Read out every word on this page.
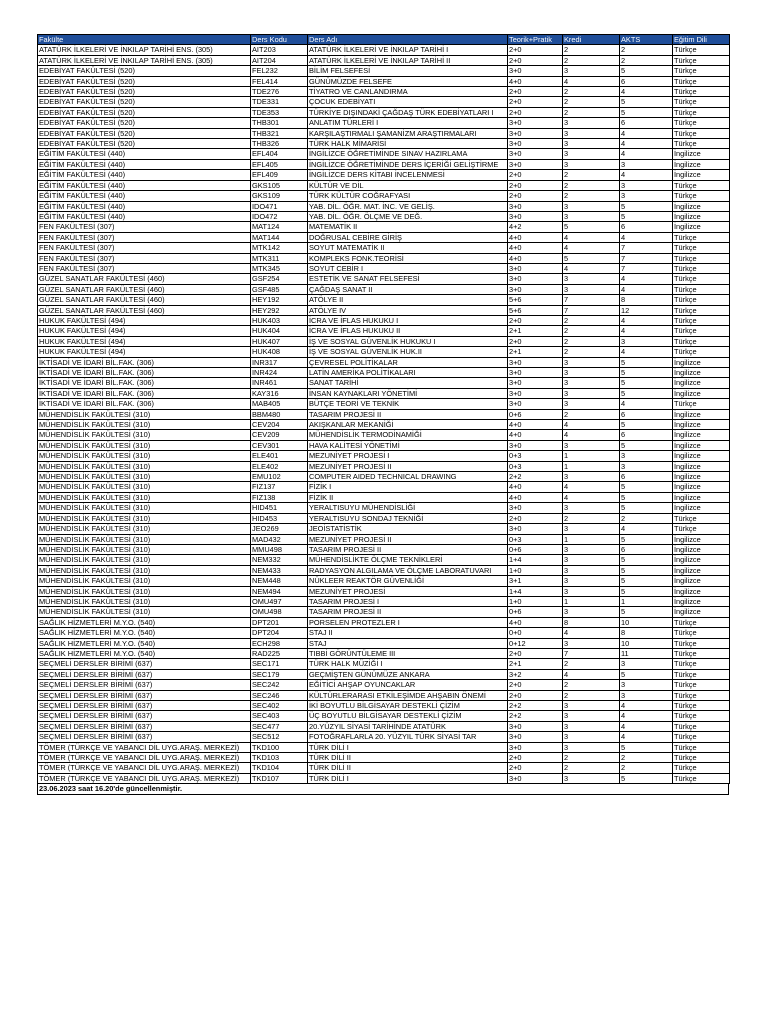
Fakülte	Ders Kodu	Ders Adı	Teorik+Pratik	Kredi	AKTS	Eğitim Dili
ATATÜRK İLKELERİ VE İNKILAP TARİHİ ENS. (305)	AIT203	ATATÜRK İLKELERİ VE İNKILAP TARİHİ I	2+0	2	2	Türkçe
ATATÜRK İLKELERİ VE İNKILAP TARİHİ ENS. (305)	AIT204	ATATÜRK İLKELERİ VE İNKILAP TARİHİ II	2+0	2	2	Türkçe
EDEBİYAT FAKÜLTESİ (520)	FEL232	BİLİM FELSEFESİ	3+0	3	5	Türkçe
EDEBİYAT FAKÜLTESİ (520)	FEL414	GÜNÜMÜZDE FELSEFE	4+0	4	6	Türkçe
EDEBİYAT FAKÜLTESİ (520)	TDE276	TİYATRO VE CANLANDIRMA	2+0	2	4	Türkçe
EDEBİYAT FAKÜLTESİ (520)	TDE331	ÇOCUK EDEBİYATI	2+0	2	5	Türkçe
EDEBİYAT FAKÜLTESİ (520)	TDE353	TÜRKİYE DIŞINDAKİ ÇAĞDAŞ TÜRK EDEBİYATLARI I	2+0	2	5	Türkçe
EDEBİYAT FAKÜLTESİ (520)	THB301	ANLATIM TÜRLERİ I	3+0	3	6	Türkçe
EDEBİYAT FAKÜLTESİ (520)	THB321	KARŞILAŞTIRMALI ŞAMANİZM ARAŞTIRMALARI	3+0	3	4	Türkçe
EDEBİYAT FAKÜLTESİ (520)	THB326	TÜRK HALK MİMARİSİ	3+0	3	4	Türkçe
EĞİTİM FAKÜLTESİ (440)	EFL404	İNGİLİZCE ÖĞRETİMİNDE SINAV HAZIRLAMA	3+0	3	4	İngilizce
EĞİTİM FAKÜLTESİ (440)	EFL405	İNGİLİZCE ÖĞRETİMİNDE DERS İÇERİĞİ GELİŞTİRME	3+0	3	3	İngilizce
EĞİTİM FAKÜLTESİ (440)	EFL409	İNGİLİZCE DERS KİTABI İNCELENMESİ	2+0	2	4	İngilizce
EĞİTİM FAKÜLTESİ (440)	GKS105	KÜLTÜR VE DİL	2+0	2	3	Türkçe
EĞİTİM FAKÜLTESİ (440)	GKS109	TÜRK KÜLTÜR COĞRAFYASI	2+0	2	3	Türkçe
EĞİTİM FAKÜLTESİ (440)	IDO471	YAB. DİL. ÖĞR. MAT. İNC. VE GELİŞ.	3+0	3	5	İngilizce
EĞİTİM FAKÜLTESİ (440)	IDO472	YAB. DİL. ÖĞR. ÖLÇME VE DEĞ.	3+0	3	5	İngilizce
FEN FAKÜLTESİ (307)	MAT124	MATEMATİK II	4+2	5	6	İngilizce
FEN FAKÜLTESİ (307)	MAT144	DOĞRUSAL CEBİRE GİRİŞ	4+0	4	4	Türkçe
FEN FAKÜLTESİ (307)	MTK142	SOYUT MATEMATİK II	4+0	4	7	Türkçe
FEN FAKÜLTESİ (307)	MTK311	KOMPLEKS FONK.TEORİSİ	4+0	5	7	Türkçe
FEN FAKÜLTESİ (307)	MTK345	SOYUT CEBİR I	3+0	4	7	Türkçe
GÜZEL SANATLAR FAKÜLTESİ (460)	GSF254	ESTETİK VE SANAT FELSEFESİ	3+0	3	4	Türkçe
GÜZEL SANATLAR FAKÜLTESİ (460)	GSF485	ÇAĞDAŞ SANAT II	3+0	3	4	Türkçe
GÜZEL SANATLAR FAKÜLTESİ (460)	HEY192	ATÖLYE II	5+6	7	8	Türkçe
GÜZEL SANATLAR FAKÜLTESİ (460)	HEY292	ATÖLYE IV	5+6	7	12	Türkçe
HUKUK FAKÜLTESİ (494)	HUK403	İCRA VE İFLAS HUKUKU I	2+0	2	4	Türkçe
HUKUK FAKÜLTESİ (494)	HUK404	İCRA VE İFLAS HUKUKU II	2+1	2	4	Türkçe
HUKUK FAKÜLTESİ (494)	HUK407	İŞ VE SOSYAL GÜVENLİK HUKUKU I	2+0	2	3	Türkçe
HUKUK FAKÜLTESİ (494)	HUK408	İŞ VE SOSYAL GÜVENLİK HUK.II	2+1	2	4	Türkçe
İKTİSADİ VE İDARİ BİL.FAK. (306)	INR317	ÇEVRESEL POLİTİKALAR	3+0	3	5	İngilizce
İKTİSADİ VE İDARİ BİL.FAK. (306)	INR424	LATİN AMERİKA POLİTİKALARI	3+0	3	5	İngilizce
İKTİSADİ VE İDARİ BİL.FAK. (306)	INR461	SANAT TARİHİ	3+0	3	5	İngilizce
İKTİSADİ VE İDARİ BİL.FAK. (306)	KAY316	İNSAN KAYNAKLARI YÖNETİMİ	3+0	3	5	İngilizce
İKTİSADİ VE İDARİ BİL.FAK. (306)	MAB405	BÜTÇE TEORİ VE TEKNİK	3+0	3	4	Türkçe
MÜHENDİSLİK FAKÜLTESİ (310)	BBM480	TASARIM PROJESİ II	0+6	2	6	İngilizce
MÜHENDİSLİK FAKÜLTESİ (310)	CEV204	AKIŞKANLAR MEKANİĞİ	4+0	4	5	İngilizce
MÜHENDİSLİK FAKÜLTESİ (310)	CEV209	MÜHENDİSLİK TERMODİNAMİĞİ	4+0	4	6	İngilizce
MÜHENDİSLİK FAKÜLTESİ (310)	CEV301	HAVA KALİTESİ YÖNETİMİ	3+0	3	5	İngilizce
MÜHENDİSLİK FAKÜLTESİ (310)	ELE401	MEZUNİYET PROJESİ I	0+3	1	3	İngilizce
MÜHENDİSLİK FAKÜLTESİ (310)	ELE402	MEZUNİYET PROJESİ II	0+3	1	3	İngilizce
MÜHENDİSLİK FAKÜLTESİ (310)	EMU102	COMPUTER AIDED TECHNICAL DRAWING	2+2	3	6	İngilizce
MÜHENDİSLİK FAKÜLTESİ (310)	FIZ137	FİZİK I	4+0	4	5	İngilizce
MÜHENDİSLİK FAKÜLTESİ (310)	FIZ138	FİZİK II	4+0	4	5	İngilizce
MÜHENDİSLİK FAKÜLTESİ (310)	HID451	YERALTISUYU MÜHENDİSLİĞİ	3+0	3	5	İngilizce
MÜHENDİSLİK FAKÜLTESİ (310)	HID453	YERALTISUYU SONDAJ TEKNİĞİ	2+0	2	2	Türkçe
MÜHENDİSLİK FAKÜLTESİ (310)	JEO269	JEOİSTATİSTİK	3+0	3	4	Türkçe
MÜHENDİSLİK FAKÜLTESİ (310)	MAD432	MEZUNİYET PROJESİ II	0+3	1	5	İngilizce
MÜHENDİSLİK FAKÜLTESİ (310)	MMU498	TASARIM PROJESİ II	0+6	3	6	İngilizce
MÜHENDİSLİK FAKÜLTESİ (310)	NEM332	MÜHENDİSLİKTE ÖLÇME TEKNİKLERİ	1+4	3	5	İngilizce
MÜHENDİSLİK FAKÜLTESİ (310)	NEM433	RADYASYON ALGILAMA VE ÖLÇME LABORATUVARI	1+0	3	5	İngilizce
MÜHENDİSLİK FAKÜLTESİ (310)	NEM448	NÜKLEER REAKTÖR GÜVENLİĞİ	3+1	3	5	İngilizce
MÜHENDİSLİK FAKÜLTESİ (310)	NEM494	MEZUNİYET PROJESİ	1+4	3	5	İngilizce
MÜHENDİSLİK FAKÜLTESİ (310)	OMU497	TASARIM PROJESİ I	1+0	1	1	İngilizce
MÜHENDİSLİK FAKÜLTESİ (310)	OMU498	TASARIM PROJESİ II	0+6	3	5	İngilizce
SAĞLIK HİZMETLERİ M.Y.O. (540)	DPT201	PORSELEN PROTEZLER I	4+0	8	10	Türkçe
SAĞLIK HİZMETLERİ M.Y.O. (540)	DPT204	STAJ II	0+0	4	8	Türkçe
SAĞLIK HİZMETLERİ M.Y.O. (540)	ECH298	STAJ	0+12	3	10	Türkçe
SAĞLIK HİZMETLERİ M.Y.O. (540)	RAD225	TIBBİ GÖRÜNTÜLEME III	2+0	7	11	Türkçe
SEÇMELİ DERSLER BİRİMİ (637)	SEC171	TÜRK HALK MÜZİĞİ I	2+1	2	3	Türkçe
SEÇMELİ DERSLER BİRİMİ (637)	SEC179	GEÇMİŞTEN GÜNÜMÜZE ANKARA	3+2	4	5	Türkçe
SEÇMELİ DERSLER BİRİMİ (637)	SEC242	EĞİTİCİ AHŞAP OYUNCAKLAR	2+0	2	3	Türkçe
SEÇMELİ DERSLER BİRİMİ (637)	SEC246	KÜLTÜRLERARASI ETKİLEŞİMDE AHŞABIN ÖNEMİ	2+0	2	3	Türkçe
SEÇMELİ DERSLER BİRİMİ (637)	SEC402	İKİ BOYUTLU BİLGİSAYAR DESTEKLİ ÇİZİM	2+2	3	4	Türkçe
SEÇMELİ DERSLER BİRİMİ (637)	SEC403	ÜÇ BOYUTLU BİLGİSAYAR DESTEKLİ ÇİZİM	2+2	3	4	Türkçe
SEÇMELİ DERSLER BİRİMİ (637)	SEC477	20.YÜZYIL SİYASİ TARİHİNDE ATATÜRK	3+0	3	4	Türkçe
SEÇMELİ DERSLER BİRİMİ (637)	SEC512	FOTOĞRAFLARLA 20. YÜZYIL TÜRK SİYASİ TAR	3+0	3	4	Türkçe
TÖMER (TÜRKÇE VE YABANCI DİL UYG.ARAŞ. MERKEZİ)	TKD100	TÜRK DİLİ I	3+0	3	5	Türkçe
TÖMER (TÜRKÇE VE YABANCI DİL UYG.ARAŞ. MERKEZİ)	TKD103	TÜRK DİLİ II	2+0	2	2	Türkçe
TÖMER (TÜRKÇE VE YABANCI DİL UYG.ARAŞ. MERKEZİ)	TKD104	TÜRK DİLİ II	2+0	2	2	Türkçe
TÖMER (TÜRKÇE VE YABANCI DİL UYG.ARAŞ. MERKEZİ)	TKD107	TÜRK DİLİ I	3+0	3	5	Türkçe
23.06.2023 saat 16.20'de güncellenmiştir.
